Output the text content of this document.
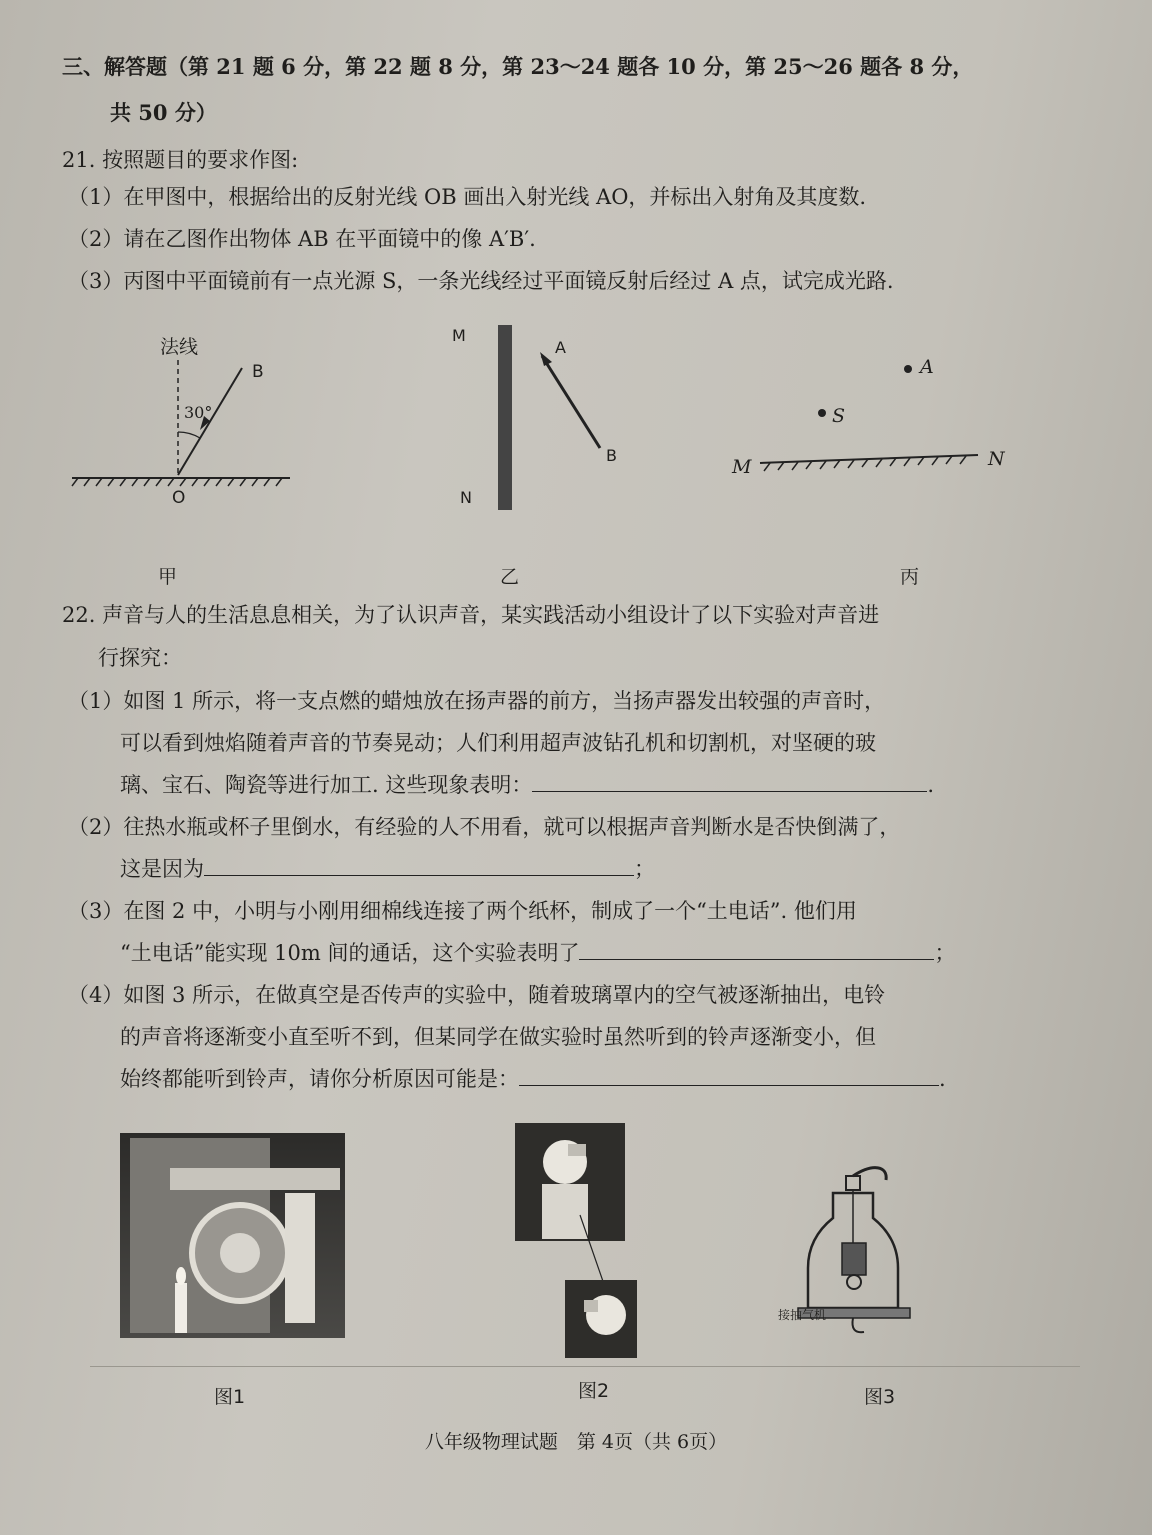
三、解答题（第 21 题 6 分，第 22 题 8 分，第 23～24 题各 10 分，第 25～26 题各 8 分，
共 50 分）
21. 按照题目的要求作图:
（1）在甲图中，根据给出的反射光线 OB 画出入射光线 AO，并标出入射角及其度数.
（2）请在乙图作出物体 AB 在平面镜中的像 A′B′.
（3）丙图中平面镜前有一点光源 S，一条光线经过平面镜反射后经过 A 点，试完成光路.
法线
30°
B
O
甲
M
N
A
B
乙
A
S
M	N
丙
22. 声音与人的生活息息相关，为了认识声音，某实践活动小组设计了以下实验对声音进
行探究：
（1）如图 1 所示，将一支点燃的蜡烛放在扬声器的前方，当扬声器发出较强的声音时，
可以看到烛焰随着声音的节奏晃动；人们利用超声波钻孔机和切割机，对坚硬的玻
璃、宝石、陶瓷等进行加工. 这些现象表明：	.
（2）往热水瓶或杯子里倒水，有经验的人不用看，就可以根据声音判断水是否快倒满了，
这是因为	；
（3）在图 2 中，小明与小刚用细棉线连接了两个纸杯，制成了一个“土电话”. 他们用
“土电话”能实现 10m 间的通话，这个实验表明了	；
（4）如图 3 所示，在做真空是否传声的实验中，随着玻璃罩内的空气被逐渐抽出，电铃
的声音将逐渐变小直至听不到，但某同学在做实验时虽然听到的铃声逐渐变小，但
始终都能听到铃声，请你分析原因可能是：	.
图1	图2
接抽气机
图3
八年级物理试题　第 4页（共 6页）
